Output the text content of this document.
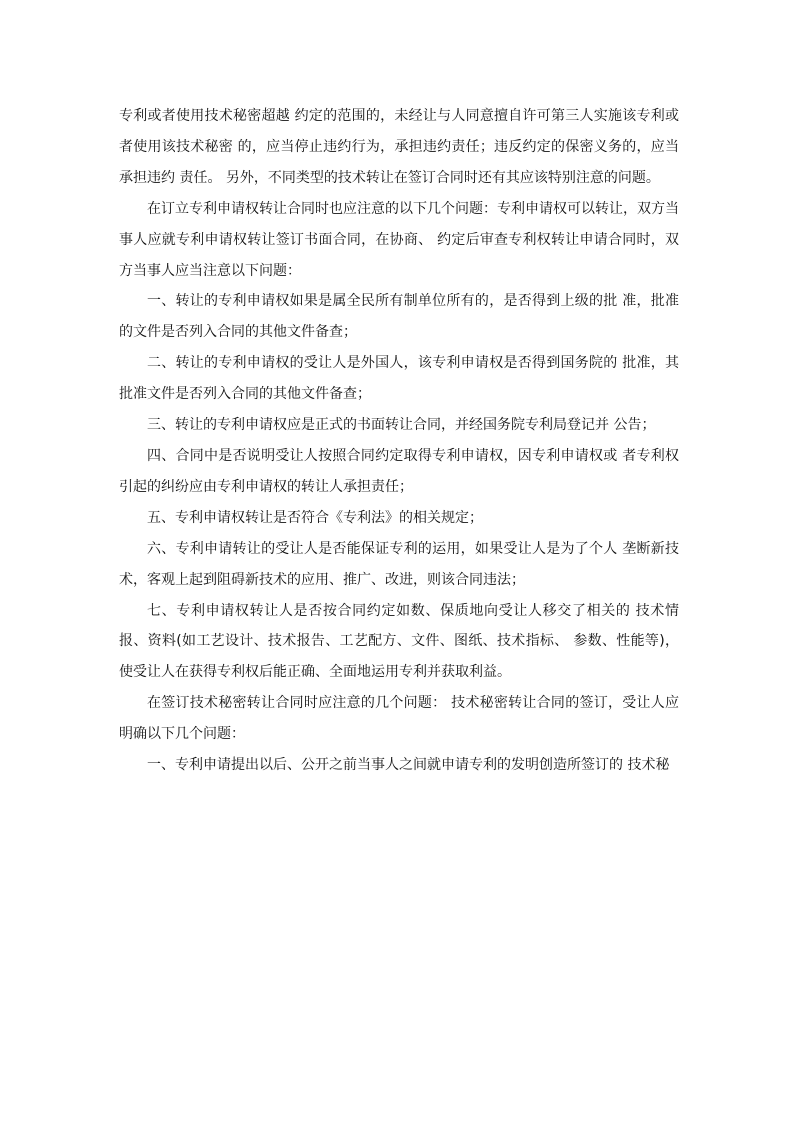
专利或者使用技术秘密超越 约定的范围的，未经让与人同意擅自许可第三人实施该专利或者使用该技术秘密 的，应当停止违约行为，承担违约责任；违反约定的保密义务的，应当承担违约 责任。 另外，不同类型的技术转让在签订合同时还有其应该特别注意的问题。

在订立专利申请权转让合同时也应注意的以下几个问题：专利申请权可以转让，双方当事人应就专利申请权转让签订书面合同，在协商、 约定后审查专利权转让申请合同时，双方当事人应当注意以下问题：

一、转让的专利申请权如果是属全民所有制单位所有的，是否得到上级的批 准，批准的文件是否列入合同的其他文件备查；

二、转让的专利申请权的受让人是外国人，该专利申请权是否得到国务院的 批准，其批准文件是否列入合同的其他文件备查；

三、转让的专利申请权应是正式的书面转让合同，并经国务院专利局登记并 公告；

四、合同中是否说明受让人按照合同约定取得专利申请权，因专利申请权或 者专利权引起的纠纷应由专利申请权的转让人承担责任；

五、专利申请权转让是否符合《专利法》的相关规定；

六、专利申请转让的受让人是否能保证专利的运用，如果受让人是为了个人 垄断新技术，客观上起到阻碍新技术的应用、推广、改进，则该合同违法；

七、专利申请权转让人是否按合同约定如数、保质地向受让人移交了相关的 技术情报、资料(如工艺设计、技术报告、工艺配方、文件、图纸、技术指标、 参数、性能等)，使受让人在获得专利权后能正确、全面地运用专利并获取利益。

在签订技术秘密转让合同时应注意的几个问题： 技术秘密转让合同的签订，受让人应明确以下几个问题：

一、专利申请提出以后、公开之前当事人之间就申请专利的发明创造所签订的 技术秘
